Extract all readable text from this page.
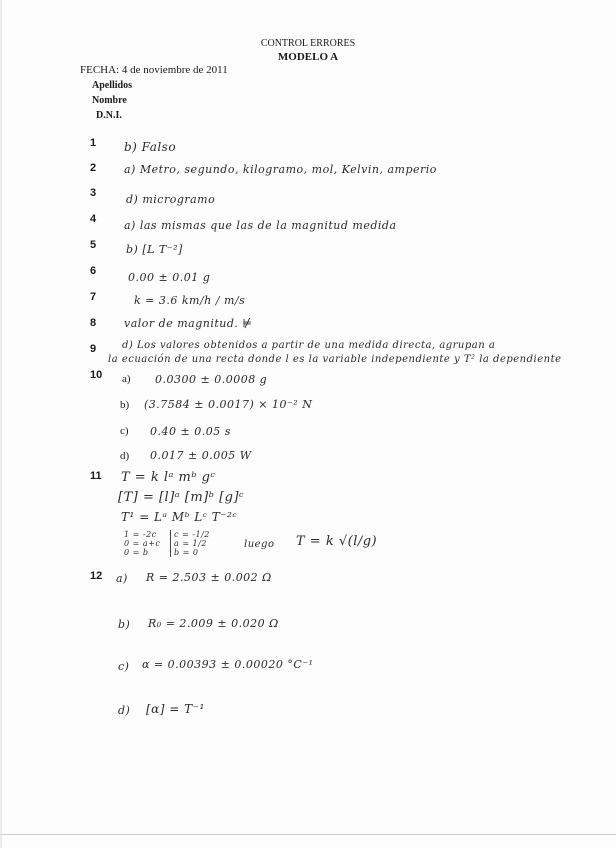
CONTROL ERRORES
MODELO A
FECHA: 4 de noviembre de 2011
Apellidos
Nombre
D.N.I.
1 b) Falso
2	a) Metro, segundo, kilogramo, mol, Kelvin, amperio
3	d) microgramo
4	a) las mismas que las de la magnitud medida
5	b) [L T⁻²]
6	0.00 ± 0.01 g
7	k = 3.6 km/h / m/s
8	valor de magnitud. ⊭
9	d) Los valores obtenidos a partir de una medida directa, agrupan a
la ecuación de una recta donde l es la variable independiente y T² la dependiente
10 a) 0.0300 ± 0.0008 g
b) (3.7584 ± 0.0017) × 10⁻² N
c) 0.40 ± 0.05 s
d) 0.017 ± 0.005 W
11 T = k lᵃ mᵇ gᶜ
[T] = [l]ᵃ [m]ᵇ [g]ᶜ
T¹ = Lᵃ Mᵇ Lᶜ T⁻²ᶜ
1 = -2c
0 = a+c
0 = b
c = -1/2
a = 1/2
b = 0
luego T = k √(l/g)
12 a) R = 2.503 ± 0.002 Ω
b) R₀ = 2.009 ± 0.020 Ω
c) α = 0.00393 ± 0.00020 °C⁻¹
d) [α] = T⁻¹
